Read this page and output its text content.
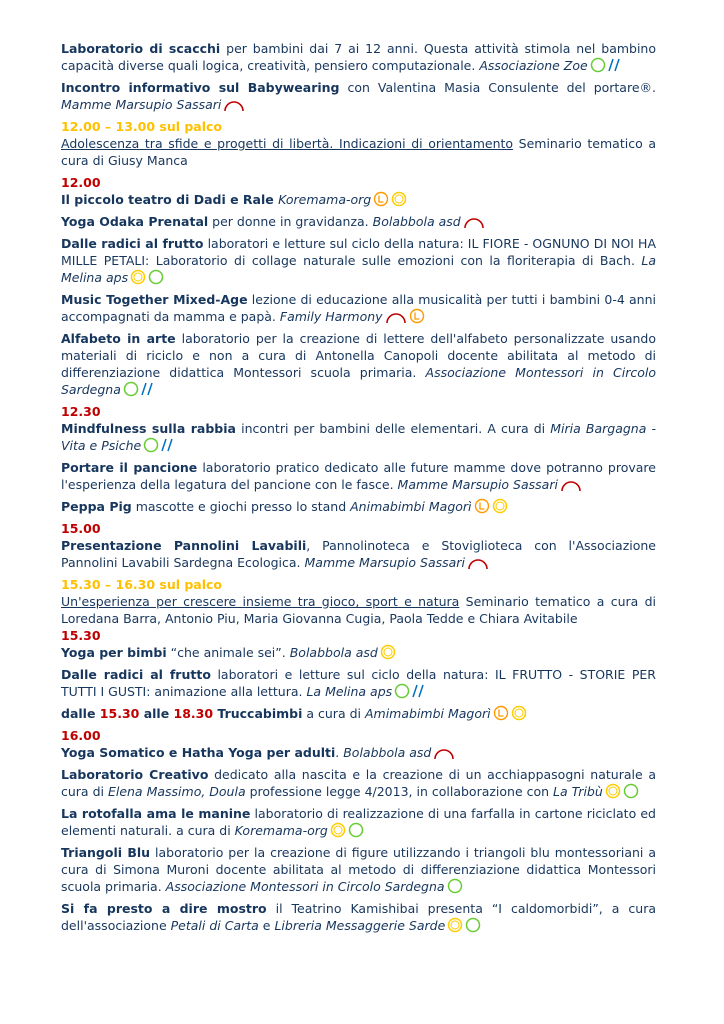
Laboratorio di scacchi per bambini dai 7 ai 12 anni. Questa attività stimola nel bambino capacità diverse quali logica, creatività, pensiero computazionale. Associazione Zoe

Incontro informativo sul Babywearing con Valentina Masia Consulente del portare®. Mamme Marsupio Sassari

12.00 – 13.00 sul palco

Adolescenza tra sfide e progetti di libertà. Indicazioni di orientamento Seminario tematico a cura di Giusy Manca

12.00

Il piccolo teatro di Dadi e Rale Koremama-org

Yoga Odaka Prenatal per donne in gravidanza. Bolabbola asd

Dalle radici al frutto laboratori e letture sul ciclo della natura: IL FIORE - OGNUNO DI NOI HA MILLE PETALI: Laboratorio di collage naturale sulle emozioni con la floriterapia di Bach. La Melina aps

Music Together Mixed-Age lezione di educazione alla musicalità per tutti i bambini 0-4 anni accompagnati da mamma e papà. Family Harmony

Alfabeto in arte laboratorio per la creazione di lettere dell'alfabeto personalizzate usando materiali di riciclo e non a cura di Antonella Canopoli docente abilitata al metodo di differenziazione didattica Montessori scuola primaria. Associazione Montessori in Circolo Sardegna

12.30

Mindfulness sulla rabbia incontri per bambini delle elementari. A cura di Miria Bargagna - Vita e Psiche

Portare il pancione laboratorio pratico dedicato alle future mamme dove potranno provare l'esperienza della legatura del pancione con le fasce. Mamme Marsupio Sassari

Peppa Pig mascotte e giochi presso lo stand Animabimbi Magorì

15.00

Presentazione Pannolini Lavabili, Pannolinoteca e Stoviglioteca con l'Associazione Pannolini Lavabili Sardegna Ecologica. Mamme Marsupio Sassari

15.30 – 16.30 sul palco

Un'esperienza per crescere insieme tra gioco, sport e natura Seminario tematico a cura di Loredana Barra, Antonio Piu, Maria Giovanna Cugia, Paola Tedde e Chiara Avitabile

15.30

Yoga per bimbi “che animale sei”. Bolabbola asd

Dalle radici al frutto laboratori e letture sul ciclo della natura: IL FRUTTO - STORIE PER TUTTI I GUSTI: animazione alla lettura. La Melina aps

dalle 15.30 alle 18.30 Truccabimbi a cura di Amimabimbi Magorì

16.00

Yoga Somatico e Hatha Yoga per adulti. Bolabbola asd

Laboratorio Creativo dedicato alla nascita e la creazione di un acchiappasogni naturale a cura di Elena Massimo, Doula professione legge 4/2013, in collaborazione con La Tribù

La rotofalla ama le manine laboratorio di realizzazione di una farfalla in cartone riciclato ed elementi naturali. a cura di Koremama-org

Triangoli Blu laboratorio per la creazione di figure utilizzando i triangoli blu montessoriani a cura di Simona Muroni docente abilitata al metodo di differenziazione didattica Montessori scuola primaria. Associazione Montessori in Circolo Sardegna

Si fa presto a dire mostro il Teatrino Kamishibai presenta “I caldomorbidi”, a cura dell'associazione Petali di Carta e Libreria Messaggerie Sarde
